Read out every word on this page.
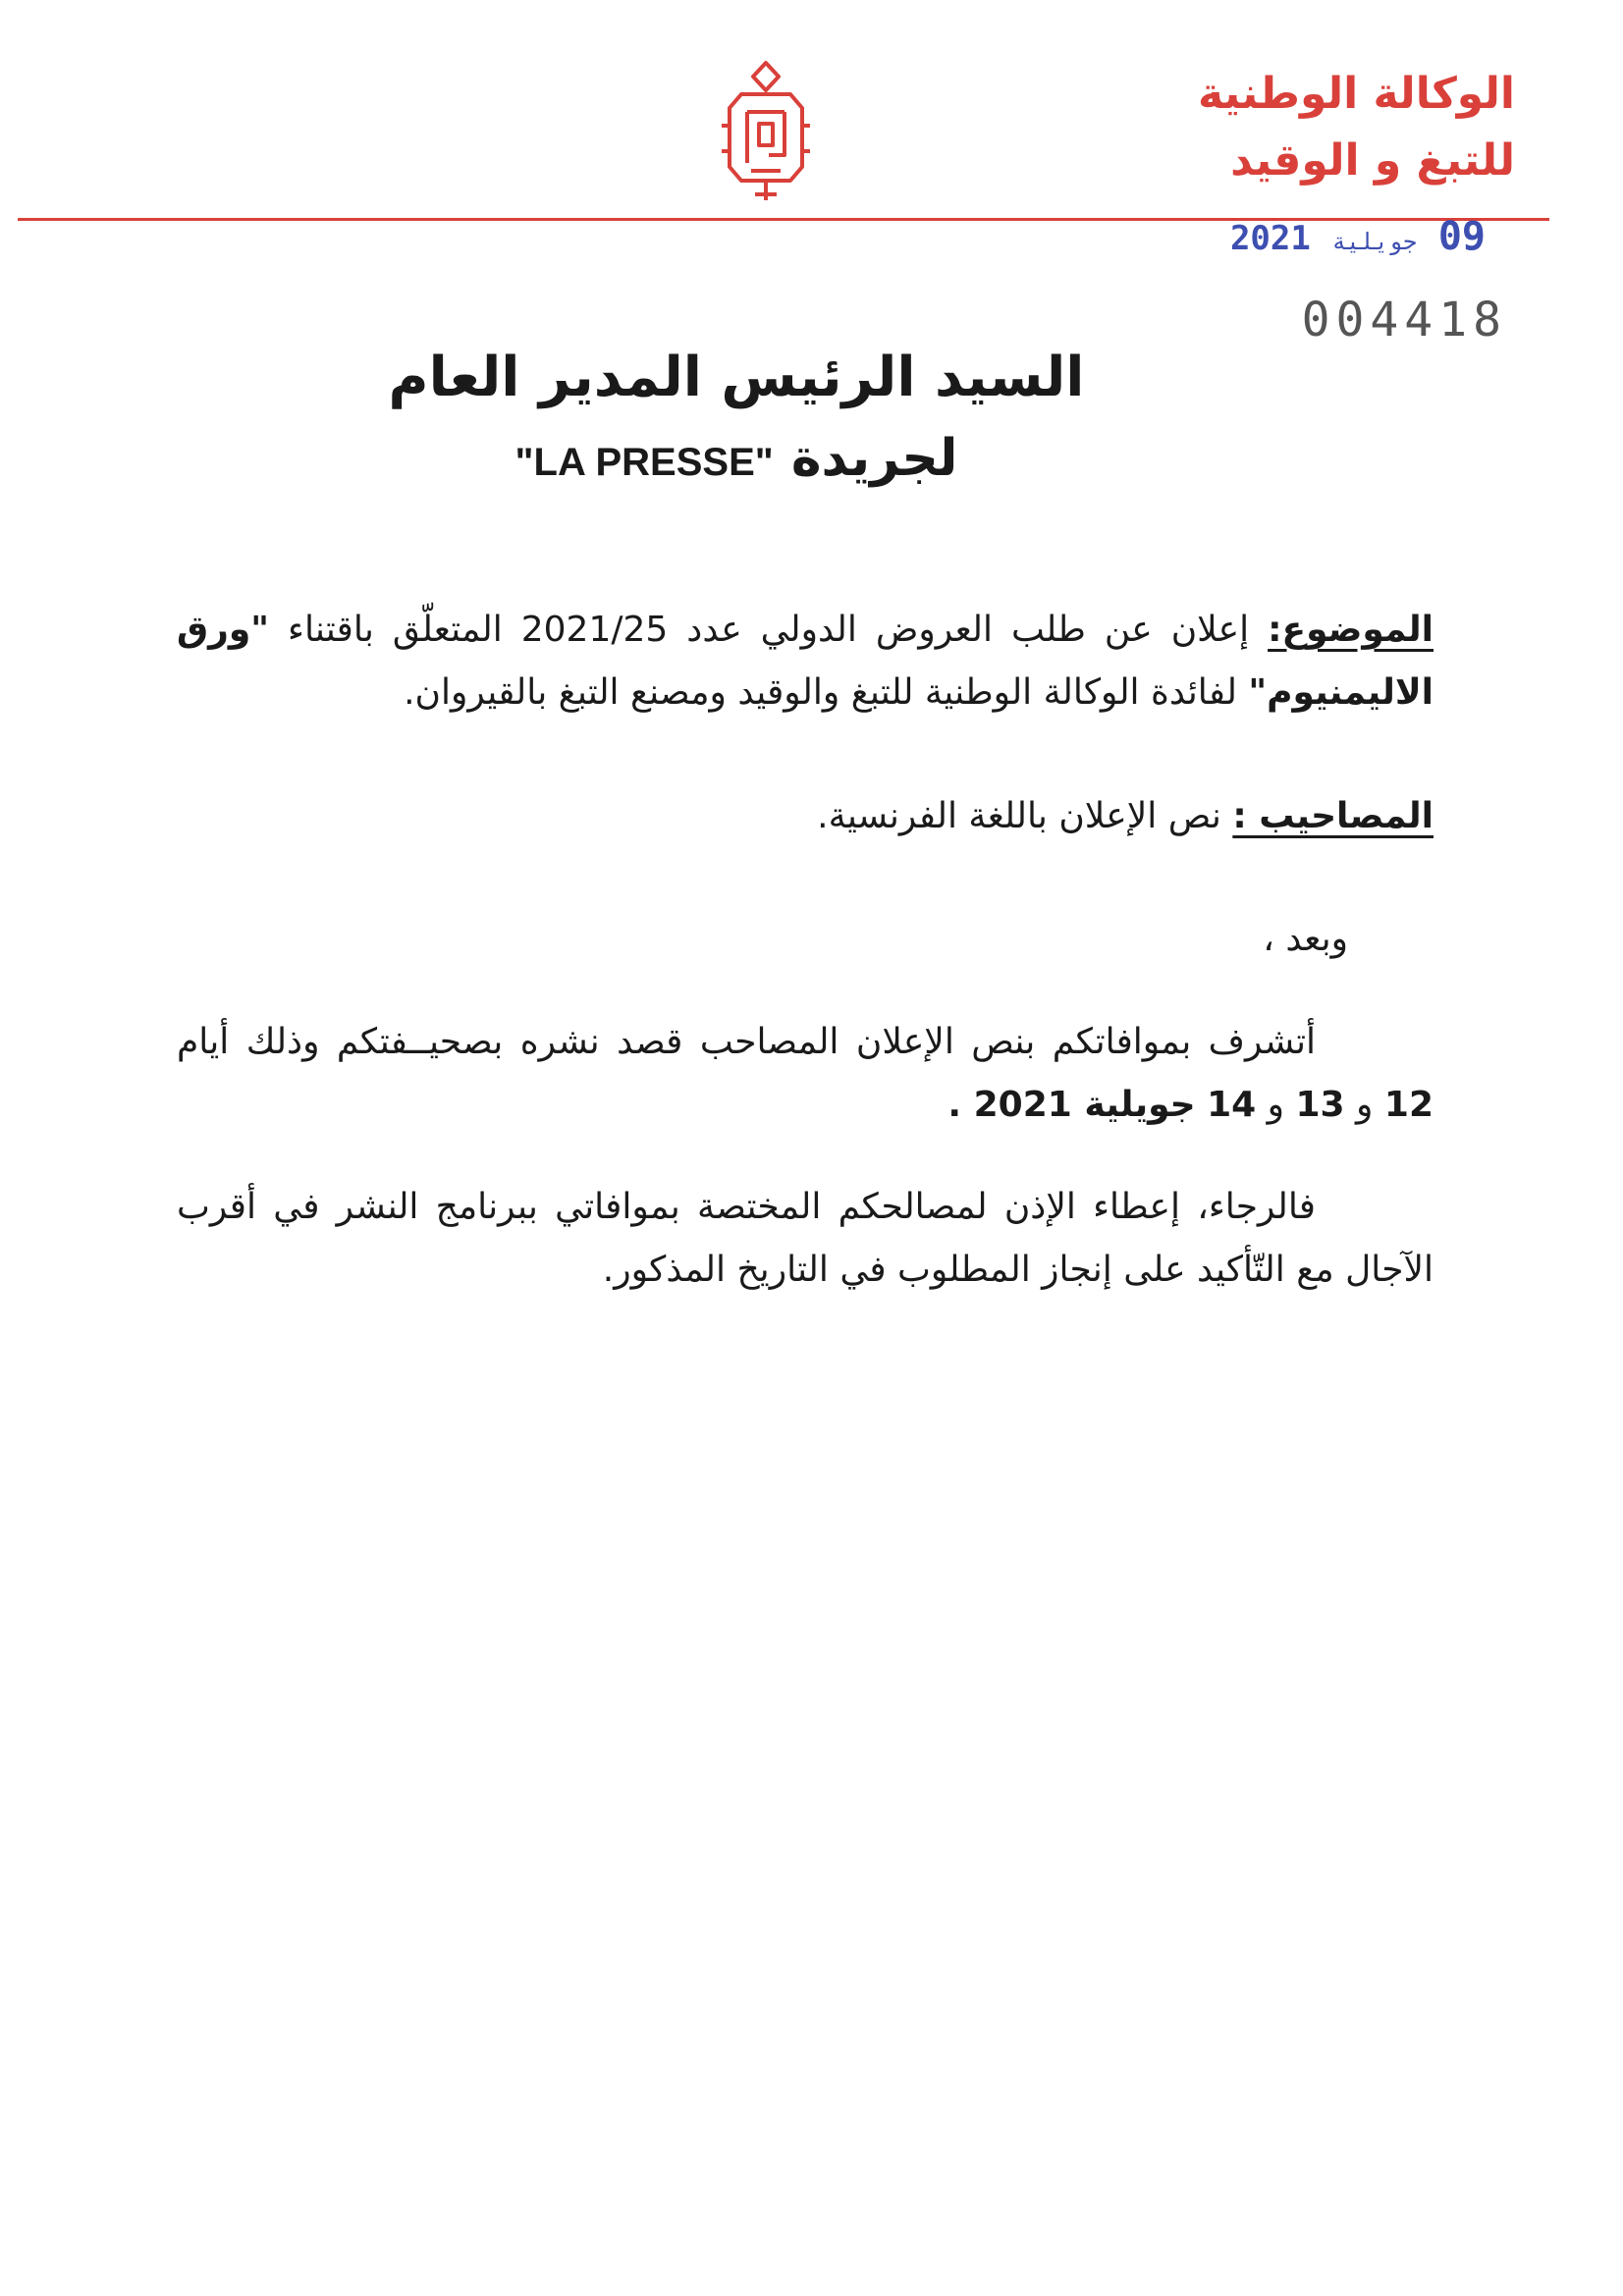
الوكالة الوطنية
للتبغ و الوقيد
09 جويلية 2021
004418
السيد الرئيس المدير العام
لجريدة "LA PRESSE"
الموضوع: إعلان عن طلب العروض الدولي عدد 2021/25 المتعلّق باقتناء "ورق الاليمنيوم" لفائدة الوكالة الوطنية للتبغ والوقيد ومصنع التبغ بالقيروان.
المصاحيب : نص الإعلان باللغة الفرنسية.
وبعد ،
أتشرف بموافاتكم بنص الإعلان المصاحب قصد نشره بصحيــفتكم وذلك أيام 12 و 13 و 14 جويلية 2021 .
فالرجاء، إعطاء الإذن لمصالحكم المختصة بموافاتي ببرنامج النشر في أقرب الآجال مع التّأكيد على إنجاز المطلوب في التاريخ المذكور.
